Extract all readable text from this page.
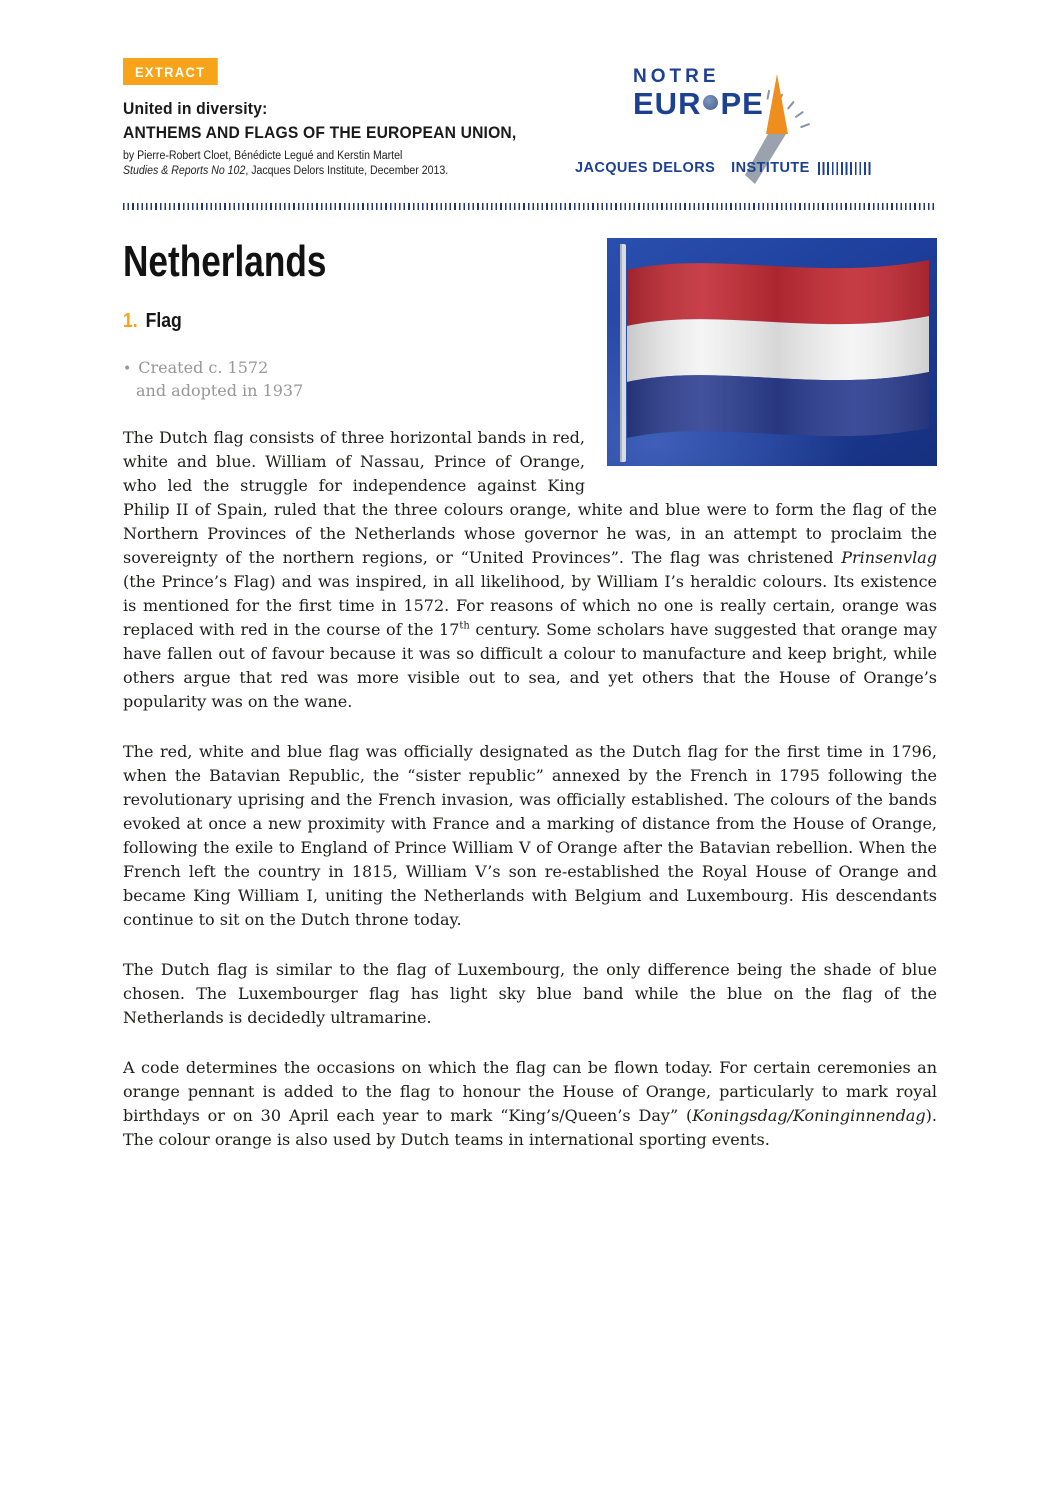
EXTRACT
United in diversity:
ANTHEMS AND FLAGS OF THE EUROPEAN UNION,
by Pierre-Robert Cloet, Bénédicte Legué and Kerstin Martel
Studies & Reports No 102, Jacques Delors Institute, December 2013.
NOTRE
EUR PE
JACQUES DELORS INSTITUTE
Netherlands
1. Flag
• Created c. 1572
and adopted in 1937

The Dutch flag consists of three horizontal bands in red, white and blue. William of Nassau, Prince of Orange, who led the struggle for independence against King Philip II of Spain, ruled that the three colours orange, white and blue were to form the flag of the Northern Provinces of the Netherlands whose governor he was, in an attempt to proclaim the sovereignty of the northern regions, or “United Provinces”. The flag was christened Prinsenvlag (the Prince’s Flag) and was inspired, in all likelihood, by William I’s heraldic colours. Its existence is mentioned for the first time in 1572. For reasons of which no one is really certain, orange was replaced with red in the course of the 17th century. Some scholars have suggested that orange may have fallen out of favour because it was so difficult a colour to manufacture and keep bright, while others argue that red was more visible out to sea, and yet others that the House of Orange’s popularity was on the wane.

The red, white and blue flag was officially designated as the Dutch flag for the first time in 1796, when the Batavian Republic, the “sister republic” annexed by the French in 1795 following the revolutionary uprising and the French invasion, was officially established. The colours of the bands evoked at once a new proximity with France and a marking of distance from the House of Orange, following the exile to England of Prince William V of Orange after the Batavian rebellion. When the French left the country in 1815, William V’s son re-established the Royal House of Orange and became King William I, uniting the Netherlands with Belgium and Luxembourg. His descendants continue to sit on the Dutch throne today.

The Dutch flag is similar to the flag of Luxembourg, the only difference being the shade of blue chosen. The Luxembourger flag has light sky blue band while the blue on the flag of the Netherlands is decidedly ultramarine.

A code determines the occasions on which the flag can be flown today. For certain ceremonies an orange pennant is added to the flag to honour the House of Orange, particularly to mark royal birthdays or on 30 April each year to mark “King’s/Queen’s Day” (Koningsdag/Koninginnendag). The colour orange is also used by Dutch teams in international sporting events.
